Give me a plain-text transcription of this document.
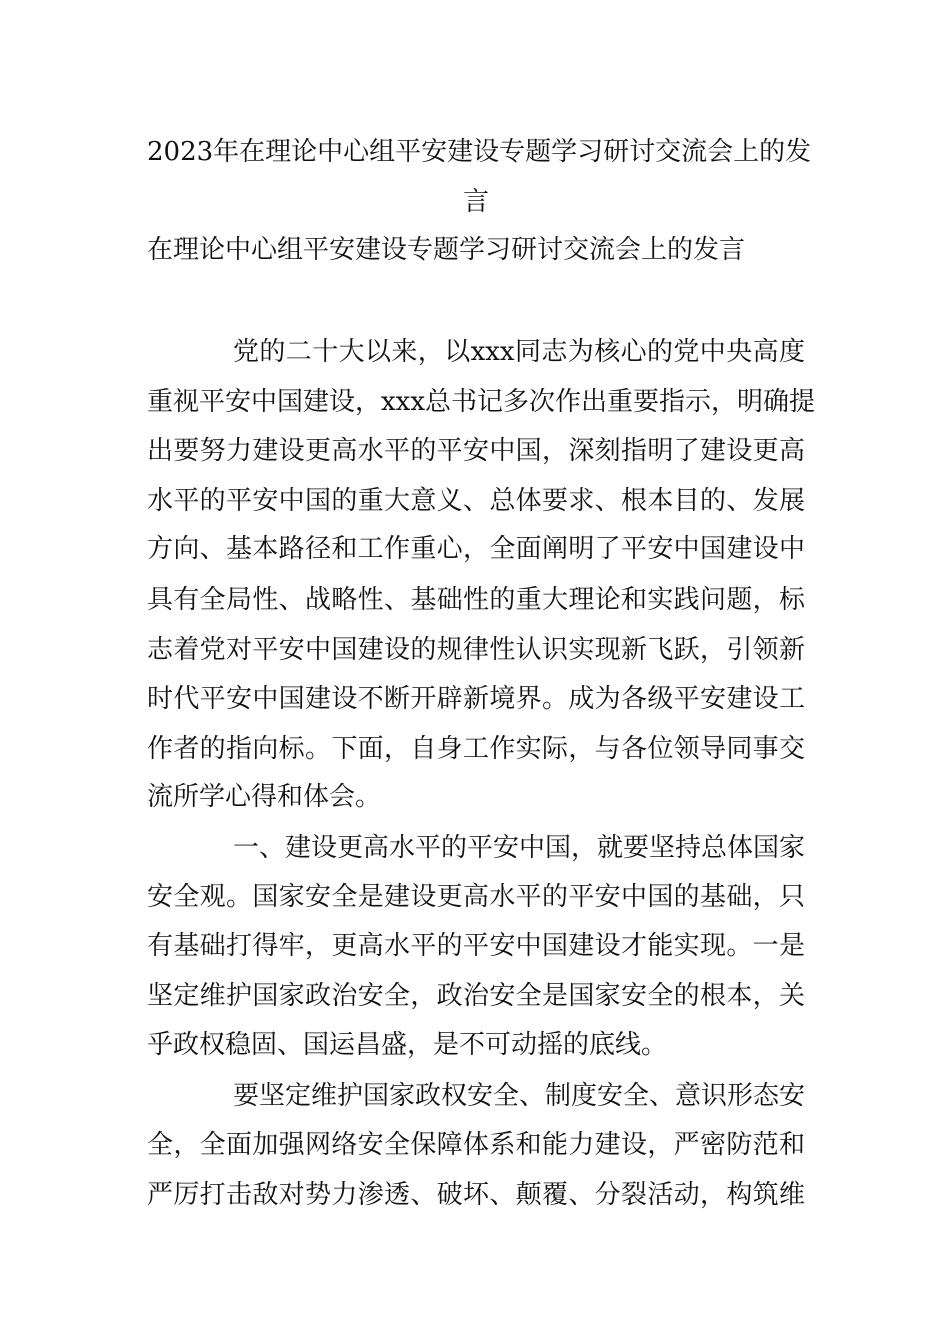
2023年在理论中心组平安建设专题学习研讨交流会上的发
言
在理论中心组平安建设专题学习研讨交流会上的发言
党的二十大以来，以xxx同志为核心的党中央高度
重视平安中国建设，xxx总书记多次作出重要指示，明确提
出要努力建设更高水平的平安中国，深刻指明了建设更高
水平的平安中国的重大意义、总体要求、根本目的、发展
方向、基本路径和工作重心，全面阐明了平安中国建设中
具有全局性、战略性、基础性的重大理论和实践问题，标
志着党对平安中国建设的规律性认识实现新飞跃，引领新
时代平安中国建设不断开辟新境界。成为各级平安建设工
作者的指向标。下面，自身工作实际，与各位领导同事交
流所学心得和体会。
一、建设更高水平的平安中国，就要坚持总体国家
安全观。国家安全是建设更高水平的平安中国的基础，只
有基础打得牢，更高水平的平安中国建设才能实现。一是
坚定维护国家政治安全，政治安全是国家安全的根本，关
乎政权稳固、国运昌盛，是不可动摇的底线。
要坚定维护国家政权安全、制度安全、意识形态安
全，全面加强网络安全保障体系和能力建设，严密防范和
严厉打击敌对势力渗透、破坏、颠覆、分裂活动，构筑维
